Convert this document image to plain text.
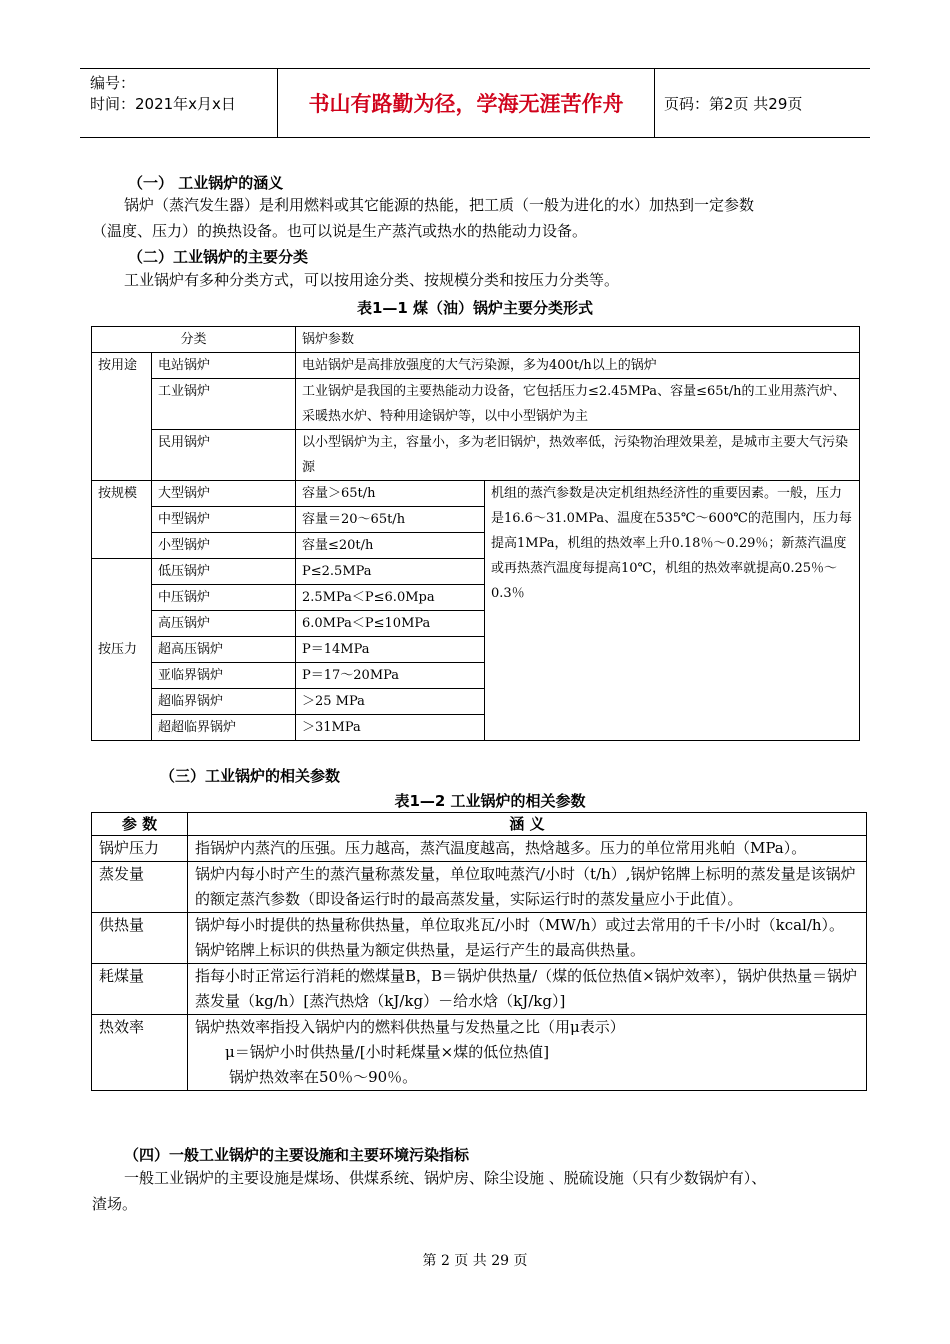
编号：
时间：2021年x月x日	书山有路勤为径，学海无涯苦作舟	页码：第2页 共29页
（一） 工业锅炉的涵义
锅炉（蒸汽发生器）是利用燃料或其它能源的热能，把工质（一般为进化的水）加热到一定参数
（温度、压力）的换热设备。也可以说是生产蒸汽或热水的热能动力设备。
（二）工业锅炉的主要分类
工业锅炉有多种分类方式，可以按用途分类、按规模分类和按压力分类等。
表1—1 煤（油）锅炉主要分类形式
分类		锅炉参数	
按用途	电站锅炉	电站锅炉是高排放强度的大气污染源，多为400t/h以上的锅炉	
	工业锅炉	工业锅炉是我国的主要热能动力设备，它包括压力≤2.45MPa、容量≤65t/h的工业用蒸汽炉、采暖热水炉、特种用途锅炉等，以中小型锅炉为主	
	民用锅炉	以小型锅炉为主，容量小，多为老旧锅炉，热效率低，污染物治理效果差，是城市主要大气污染源	
按规模	大型锅炉	容量＞65t/h	机组的蒸汽参数是决定机组热经济性的重要因素。一般，压力是16.6～31.0MPa、温度在535℃～600℃的范围内，压力每提高1MPa，机组的热效率上升0.18％～0.29％；新蒸汽温度或再热蒸汽温度每提高10℃，机组的热效率就提高0.25％～0.3％
	中型锅炉	容量＝20～65t/h	
	小型锅炉	容量≤20t/h	
按压力	低压锅炉	P≤2.5MPa	
	中压锅炉	2.5MPa＜P≤6.0Mpa	
	高压锅炉	6.0MPa＜P≤10MPa	
	超高压锅炉	P＝14MPa	
	亚临界锅炉	P＝17～20MPa	
	超临界锅炉	＞25 MPa	
	超超临界锅炉	＞31MPa	
（三）工业锅炉的相关参数
表1—2 工业锅炉的相关参数
参 数	涵 义
锅炉压力	指锅炉内蒸汽的压强。压力越高，蒸汽温度越高，热焓越多。压力的单位常用兆帕（MPa）。
蒸发量	锅炉内每小时产生的蒸汽量称蒸发量，单位取吨蒸汽/小时（t/h）,锅炉铭牌上标明的蒸发量是该锅炉的额定蒸汽参数（即设备运行时的最高蒸发量，实际运行时的蒸发量应小于此值）。
供热量	锅炉每小时提供的热量称供热量，单位取兆瓦/小时（MW/h）或过去常用的千卡/小时（kcal/h）。锅炉铭牌上标识的供热量为额定供热量，是运行产生的最高供热量。
耗煤量	指每小时正常运行消耗的燃煤量B，B＝锅炉供热量/（煤的低位热值×锅炉效率），锅炉供热量＝锅炉蒸发量（kg/h）[蒸汽热焓（kJ/kg）－给水焓（kJ/kg）]
热效率	锅炉热效率指投入锅炉内的燃料供热量与发热量之比（用μ表示）
μ＝锅炉小时供热量/[小时耗煤量×煤的低位热值]
锅炉热效率在50％～90％。
（四）一般工业锅炉的主要设施和主要环境污染指标
一般工业锅炉的主要设施是煤场、供煤系统、锅炉房、除尘设施 、脱硫设施（只有少数锅炉有）、
渣场。
第 2 页 共 29 页
